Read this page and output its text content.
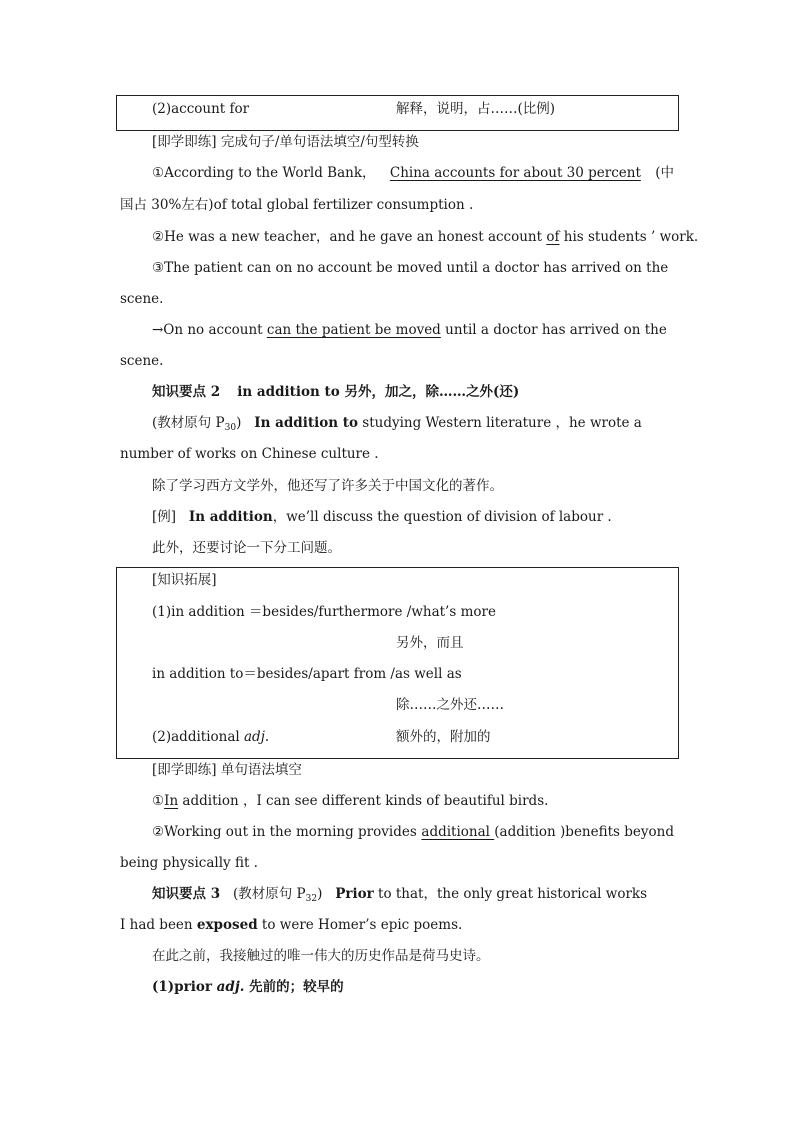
(2)account for	解释，说明，占……(比例)
[即学即练] 完成句子/单句语法填空/句型转换
①According to the World Bank， China accounts for about 30 percent (中
国占 30%左右)of total global fertilizer consumption .
②He was a new teacher，and he gave an honest account of his students ’ work.
③The patient can on no account be moved until a doctor has arrived on the
scene.
→On no account can the patient be moved until a doctor has arrived on the
scene.
知识要点 2 in addition to 另外，加之，除……之外(还)
(教材原句 $P_{30}$) In addition to studying Western literature ，he wrote a
number of works on Chinese culture .
除了学习西方文学外，他还写了许多关于中国文化的著作。
[例] In addition，we’ll discuss the question of division of labour .
此外，还要讨论一下分工问题。
[知识拓展]
(1)in addition ＝besides/furthermore /what’s more
另外，而且
in addition to＝besides/apart from /as well as
除……之外还……
(2)additional adj.	额外的，附加的
[即学即练] 单句语法填空
①In addition ，I can see different kinds of beautiful birds.
②Working out in the morning provides additional (addition )benefits beyond
being physically fit .
知识要点 3 (教材原句 $P_{32}$) Prior to that，the only great historical works
I had been exposed to were Homer’s epic poems.
在此之前，我接触过的唯一伟大的历史作品是荷马史诗。
(1)prior adj. 先前的；较早的
